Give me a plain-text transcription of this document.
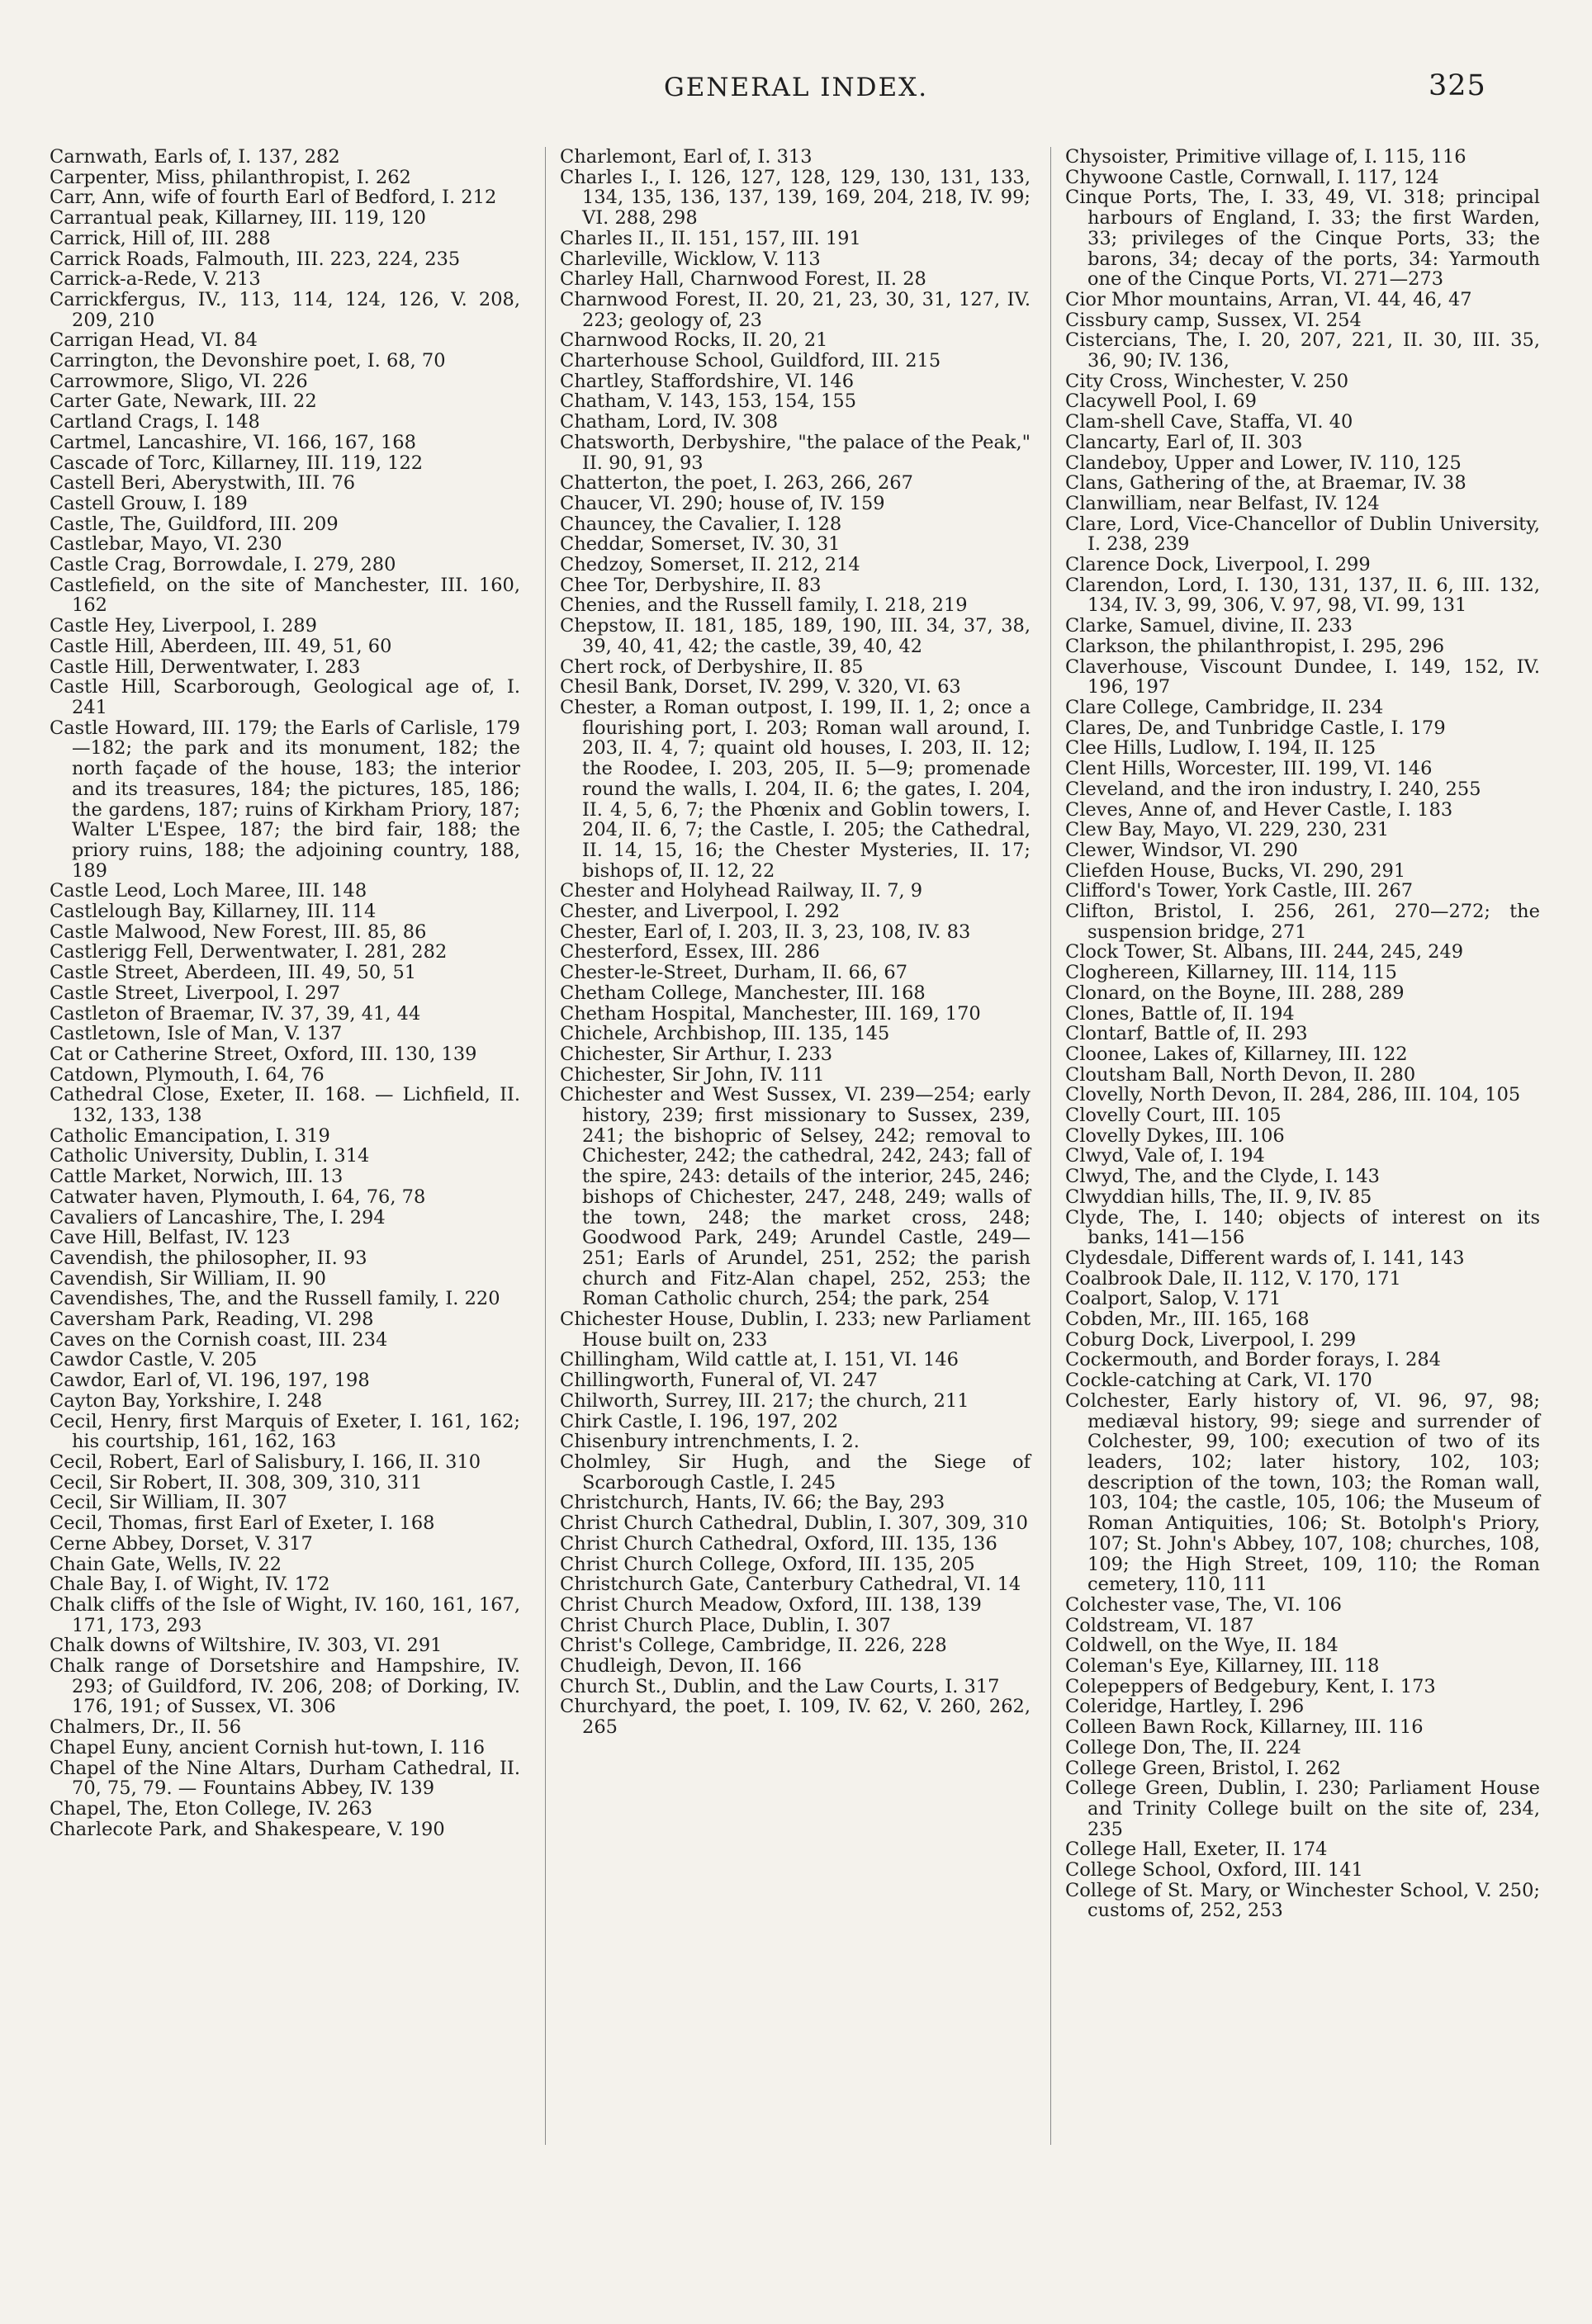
GENERAL INDEX.	325

Carnwath, Earls of, I. 137, 282

Carpenter, Miss, philanthropist, I. 262

Carr, Ann, wife of fourth Earl of Bedford, I. 212

Carrantual peak, Killarney, III. 119, 120

Carrick, Hill of, III. 288

Carrick Roads, Falmouth, III. 223, 224, 235

Carrick-a-Rede, V. 213

Carrickfergus, IV., 113, 114, 124, 126, V. 208, 209, 210

Carrigan Head, VI. 84

Carrington, the Devonshire poet, I. 68, 70

Carrowmore, Sligo, VI. 226

Carter Gate, Newark, III. 22

Cartland Crags, I. 148

Cartmel, Lancashire, VI. 166, 167, 168

Cascade of Torc, Killarney, III. 119, 122

Castell Beri, Aberystwith, III. 76

Castell Grouw, I. 189

Castle, The, Guildford, III. 209

Castlebar, Mayo, VI. 230

Castle Crag, Borrowdale, I. 279, 280

Castlefield, on the site of Manchester, III. 160, 162

Castle Hey, Liverpool, I. 289

Castle Hill, Aberdeen, III. 49, 51, 60

Castle Hill, Derwentwater, I. 283

Castle Hill, Scarborough, Geological age of, I. 241

Castle Howard, III. 179; the Earls of Carlisle, 179—182; the park and its monument, 182; the north façade of the house, 183; the interior and its treasures, 184; the pictures, 185, 186; the gardens, 187; ruins of Kirkham Priory, 187; Walter L'Espee, 187; the bird fair, 188; the priory ruins, 188; the adjoining country, 188, 189

Castle Leod, Loch Maree, III. 148

Castlelough Bay, Killarney, III. 114

Castle Malwood, New Forest, III. 85, 86

Castlerigg Fell, Derwentwater, I. 281, 282

Castle Street, Aberdeen, III. 49, 50, 51

Castle Street, Liverpool, I. 297

Castleton of Braemar, IV. 37, 39, 41, 44

Castletown, Isle of Man, V. 137

Cat or Catherine Street, Oxford, III. 130, 139

Catdown, Plymouth, I. 64, 76

Cathedral Close, Exeter, II. 168. — Lichfield, II. 132, 133, 138

Catholic Emancipation, I. 319

Catholic University, Dublin, I. 314

Cattle Market, Norwich, III. 13

Catwater haven, Plymouth, I. 64, 76, 78

Cavaliers of Lancashire, The, I. 294

Cave Hill, Belfast, IV. 123

Cavendish, the philosopher, II. 93

Cavendish, Sir William, II. 90

Cavendishes, The, and the Russell family, I. 220

Caversham Park, Reading, VI. 298

Caves on the Cornish coast, III. 234

Cawdor Castle, V. 205

Cawdor, Earl of, VI. 196, 197, 198

Cayton Bay, Yorkshire, I. 248

Cecil, Henry, first Marquis of Exeter, I. 161, 162; his courtship, 161, 162, 163

Cecil, Robert, Earl of Salisbury, I. 166, II. 310

Cecil, Sir Robert, II. 308, 309, 310, 311

Cecil, Sir William, II. 307

Cecil, Thomas, first Earl of Exeter, I. 168

Cerne Abbey, Dorset, V. 317

Chain Gate, Wells, IV. 22

Chale Bay, I. of Wight, IV. 172

Chalk cliffs of the Isle of Wight, IV. 160, 161, 167, 171, 173, 293

Chalk downs of Wiltshire, IV. 303, VI. 291

Chalk range of Dorsetshire and Hampshire, IV. 293; of Guildford, IV. 206, 208; of Dorking, IV. 176, 191; of Sussex, VI. 306

Chalmers, Dr., II. 56

Chapel Euny, ancient Cornish hut-town, I. 116

Chapel of the Nine Altars, Durham Cathedral, II. 70, 75, 79. — Fountains Abbey, IV. 139

Chapel, The, Eton College, IV. 263

Charlecote Park, and Shakespeare, V. 190

Charlemont, Earl of, I. 313

Charles I., I. 126, 127, 128, 129, 130, 131, 133, 134, 135, 136, 137, 139, 169, 204, 218, IV. 99; VI. 288, 298

Charles II., II. 151, 157, III. 191

Charleville, Wicklow, V. 113

Charley Hall, Charnwood Forest, II. 28

Charnwood Forest, II. 20, 21, 23, 30, 31, 127, IV. 223; geology of, 23

Charnwood Rocks, II. 20, 21

Charterhouse School, Guildford, III. 215

Chartley, Staffordshire, VI. 146

Chatham, V. 143, 153, 154, 155

Chatham, Lord, IV. 308

Chatsworth, Derbyshire, "the palace of the Peak," II. 90, 91, 93

Chatterton, the poet, I. 263, 266, 267

Chaucer, VI. 290; house of, IV. 159

Chauncey, the Cavalier, I. 128

Cheddar, Somerset, IV. 30, 31

Chedzoy, Somerset, II. 212, 214

Chee Tor, Derbyshire, II. 83

Chenies, and the Russell family, I. 218, 219

Chepstow, II. 181, 185, 189, 190, III. 34, 37, 38, 39, 40, 41, 42; the castle, 39, 40, 42

Chert rock, of Derbyshire, II. 85

Chesil Bank, Dorset, IV. 299, V. 320, VI. 63

Chester, a Roman outpost, I. 199, II. 1, 2; once a flourishing port, I. 203; Roman wall around, I. 203, II. 4, 7; quaint old houses, I. 203, II. 12; the Roodee, I. 203, 205, II. 5—9; promenade round the walls, I. 204, II. 6; the gates, I. 204, II. 4, 5, 6, 7; the Phœnix and Goblin towers, I. 204, II. 6, 7; the Castle, I. 205; the Cathedral, II. 14, 15, 16; the Chester Mysteries, II. 17; bishops of, II. 12, 22

Chester and Holyhead Railway, II. 7, 9

Chester, and Liverpool, I. 292

Chester, Earl of, I. 203, II. 3, 23, 108, IV. 83

Chesterford, Essex, III. 286

Chester-le-Street, Durham, II. 66, 67

Chetham College, Manchester, III. 168

Chetham Hospital, Manchester, III. 169, 170

Chichele, Archbishop, III. 135, 145

Chichester, Sir Arthur, I. 233

Chichester, Sir John, IV. 111

Chichester and West Sussex, VI. 239—254; early history, 239; first missionary to Sussex, 239, 241; the bishopric of Selsey, 242; removal to Chichester, 242; the cathedral, 242, 243; fall of the spire, 243: details of the interior, 245, 246; bishops of Chichester, 247, 248, 249; walls of the town, 248; the market cross, 248; Goodwood Park, 249; Arundel Castle, 249—251; Earls of Arundel, 251, 252; the parish church and Fitz-Alan chapel, 252, 253; the Roman Catholic church, 254; the park, 254

Chichester House, Dublin, I. 233; new Parliament House built on, 233

Chillingham, Wild cattle at, I. 151, VI. 146

Chillingworth, Funeral of, VI. 247

Chilworth, Surrey, III. 217; the church, 211

Chirk Castle, I. 196, 197, 202

Chisenbury intrenchments, I. 2.

Cholmley, Sir Hugh, and the Siege of Scarborough Castle, I. 245

Christchurch, Hants, IV. 66; the Bay, 293

Christ Church Cathedral, Dublin, I. 307, 309, 310

Christ Church Cathedral, Oxford, III. 135, 136

Christ Church College, Oxford, III. 135, 205

Christchurch Gate, Canterbury Cathedral, VI. 14

Christ Church Meadow, Oxford, III. 138, 139

Christ Church Place, Dublin, I. 307

Christ's College, Cambridge, II. 226, 228

Chudleigh, Devon, II. 166

Church St., Dublin, and the Law Courts, I. 317

Churchyard, the poet, I. 109, IV. 62, V. 260, 262, 265

Chysoister, Primitive village of, I. 115, 116

Chywoone Castle, Cornwall, I. 117, 124

Cinque Ports, The, I. 33, 49, VI. 318; principal harbours of England, I. 33; the first Warden, 33; privileges of the Cinque Ports, 33; the barons, 34; decay of the ports, 34: Yarmouth one of the Cinque Ports, VI. 271—273

Cior Mhor mountains, Arran, VI. 44, 46, 47

Cissbury camp, Sussex, VI. 254

Cistercians, The, I. 20, 207, 221, II. 30, III. 35, 36, 90; IV. 136,

City Cross, Winchester, V. 250

Clacywell Pool, I. 69

Clam-shell Cave, Staffa, VI. 40

Clancarty, Earl of, II. 303

Clandeboy, Upper and Lower, IV. 110, 125

Clans, Gathering of the, at Braemar, IV. 38

Clanwilliam, near Belfast, IV. 124

Clare, Lord, Vice-Chancellor of Dublin University, I. 238, 239

Clarence Dock, Liverpool, I. 299

Clarendon, Lord, I. 130, 131, 137, II. 6, III. 132, 134, IV. 3, 99, 306, V. 97, 98, VI. 99, 131

Clarke, Samuel, divine, II. 233

Clarkson, the philanthropist, I. 295, 296

Claverhouse, Viscount Dundee, I. 149, 152, IV. 196, 197

Clare College, Cambridge, II. 234

Clares, De, and Tunbridge Castle, I. 179

Clee Hills, Ludlow, I. 194, II. 125

Clent Hills, Worcester, III. 199, VI. 146

Cleveland, and the iron industry, I. 240, 255

Cleves, Anne of, and Hever Castle, I. 183

Clew Bay, Mayo, VI. 229, 230, 231

Clewer, Windsor, VI. 290

Cliefden House, Bucks, VI. 290, 291

Clifford's Tower, York Castle, III. 267

Clifton, Bristol, I. 256, 261, 270—272; the suspension bridge, 271

Clock Tower, St. Albans, III. 244, 245, 249

Cloghereen, Killarney, III. 114, 115

Clonard, on the Boyne, III. 288, 289

Clones, Battle of, II. 194

Clontarf, Battle of, II. 293

Cloonee, Lakes of, Killarney, III. 122

Cloutsham Ball, North Devon, II. 280

Clovelly, North Devon, II. 284, 286, III. 104, 105

Clovelly Court, III. 105

Clovelly Dykes, III. 106

Clwyd, Vale of, I. 194

Clwyd, The, and the Clyde, I. 143

Clwyddian hills, The, II. 9, IV. 85

Clyde, The, I. 140; objects of interest on its banks, 141—156

Clydesdale, Different wards of, I. 141, 143

Coalbrook Dale, II. 112, V. 170, 171

Coalport, Salop, V. 171

Cobden, Mr., III. 165, 168

Coburg Dock, Liverpool, I. 299

Cockermouth, and Border forays, I. 284

Cockle-catching at Cark, VI. 170

Colchester, Early history of, VI. 96, 97, 98; mediæval history, 99; siege and surrender of Colchester, 99, 100; execution of two of its leaders, 102; later history, 102, 103; description of the town, 103; the Roman wall, 103, 104; the castle, 105, 106; the Museum of Roman Antiquities, 106; St. Botolph's Priory, 107; St. John's Abbey, 107, 108; churches, 108, 109; the High Street, 109, 110; the Roman cemetery, 110, 111

Colchester vase, The, VI. 106

Coldstream, VI. 187

Coldwell, on the Wye, II. 184

Coleman's Eye, Killarney, III. 118

Colepeppers of Bedgebury, Kent, I. 173

Coleridge, Hartley, I. 296

Colleen Bawn Rock, Killarney, III. 116

College Don, The, II. 224

College Green, Bristol, I. 262

College Green, Dublin, I. 230; Parliament House and Trinity College built on the site of, 234, 235

College Hall, Exeter, II. 174

College School, Oxford, III. 141

College of St. Mary, or Winchester School, V. 250; customs of, 252, 253
